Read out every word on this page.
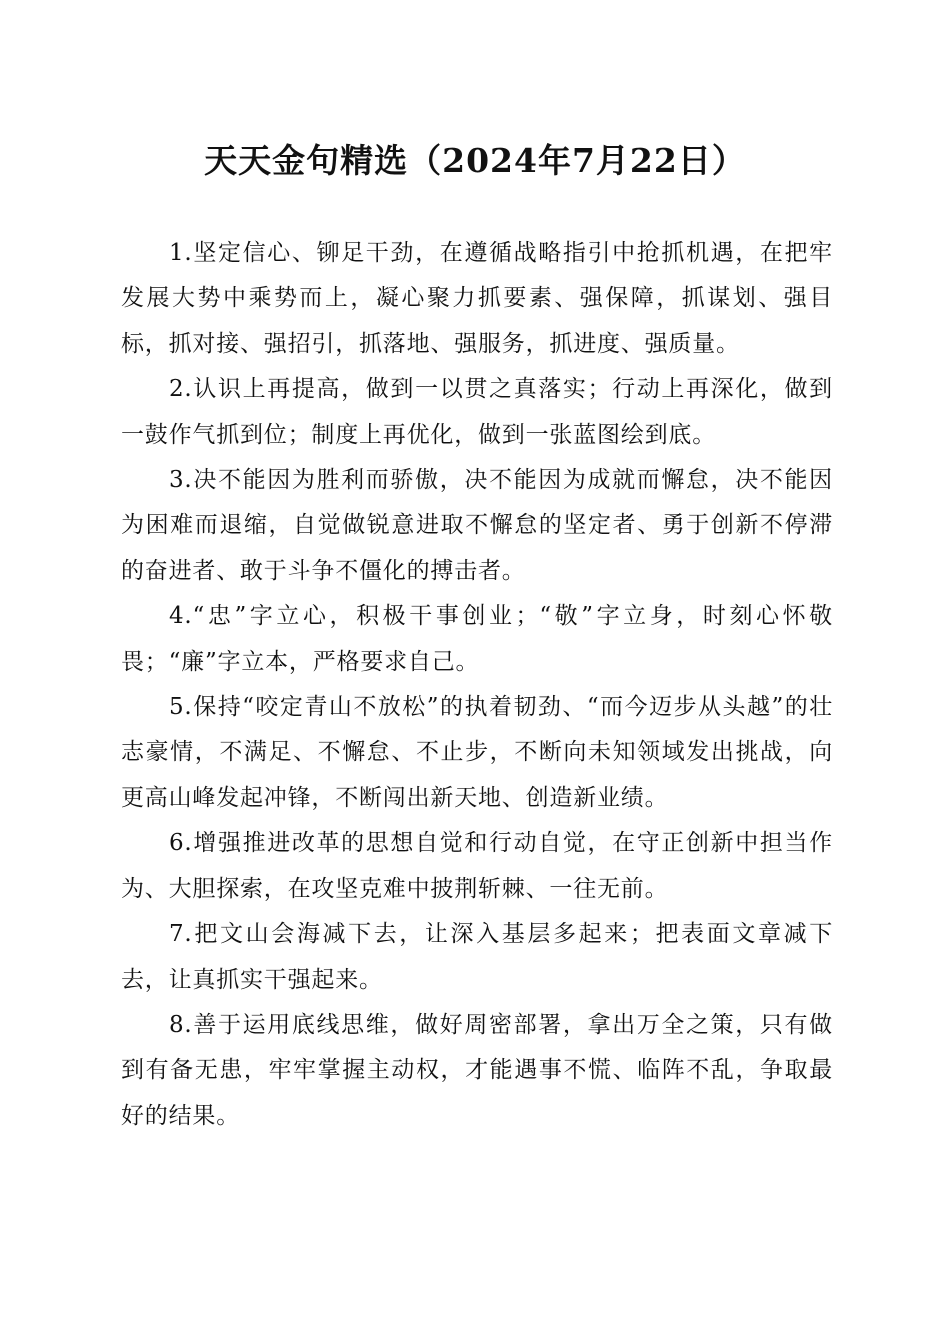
天天金句精选（2024年7月22日）

1.坚定信心、铆足干劲，在遵循战略指引中抢抓机遇，在把牢发展大势中乘势而上，凝心聚力抓要素、强保障，抓谋划、强目标，抓对接、强招引，抓落地、强服务，抓进度、强质量。

2.认识上再提高，做到一以贯之真落实；行动上再深化，做到一鼓作气抓到位；制度上再优化，做到一张蓝图绘到底。

3.决不能因为胜利而骄傲，决不能因为成就而懈怠，决不能因为困难而退缩，自觉做锐意进取不懈怠的坚定者、勇于创新不停滞的奋进者、敢于斗争不僵化的搏击者。

4.“忠”字立心，积极干事创业；“敬”字立身，时刻心怀敬畏；“廉”字立本，严格要求自己。

5.保持“咬定青山不放松”的执着韧劲、“而今迈步从头越”的壮志豪情，不满足、不懈怠、不止步，不断向未知领域发出挑战，向更高山峰发起冲锋，不断闯出新天地、创造新业绩。

6.增强推进改革的思想自觉和行动自觉，在守正创新中担当作为、大胆探索，在攻坚克难中披荆斩棘、一往无前。

7.把文山会海减下去，让深入基层多起来；把表面文章减下去，让真抓实干强起来。

8.善于运用底线思维，做好周密部署，拿出万全之策，只有做到有备无患，牢牢掌握主动权，才能遇事不慌、临阵不乱，争取最好的结果。
